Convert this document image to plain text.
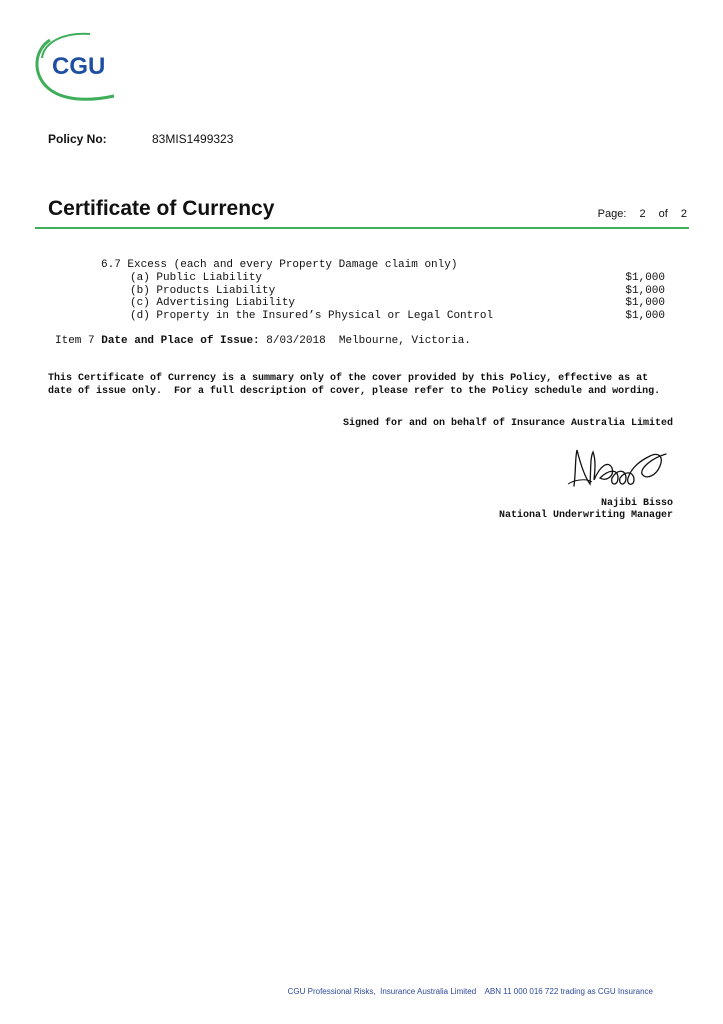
CGU
Policy No:	83MIS1499323
Certificate of Currency	Page: 2 of 2
6.7 Excess (each and every Property Damage claim only)
(a) Public Liability	$1,000
(b) Products Liability	$1,000
(c) Advertising Liability	$1,000
(d) Property in the Insured’s Physical or Legal Control	$1,000
Item 7 Date and Place of Issue: 8/03/2018  Melbourne, Victoria.
This Certificate of Currency is a summary only of the cover provided by this Policy, effective as at
date of issue only.  For a full description of cover, please refer to the Policy schedule and wording.
Signed for and on behalf of Insurance Australia Limited
Najibi Bisso
National Underwriting Manager
CGU Professional Risks,  Insurance Australia Limited    ABN 11 000 016 722 trading as CGU Insurance
